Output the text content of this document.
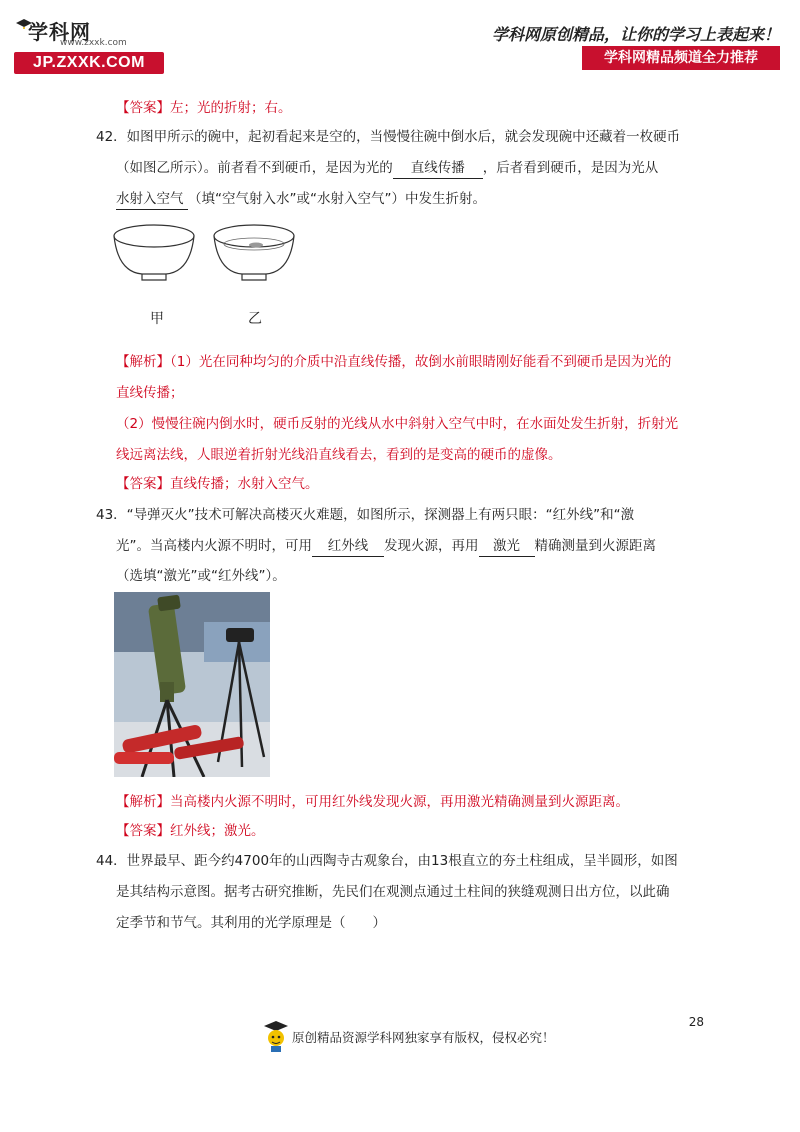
学科网
www.zxxk.com
JP.ZXXK.COM
学科网原创精品，让你的学习上表起来！
学科网精品频道全力推荐
【答案】左；光的折射；右。
42．如图甲所示的碗中，起初看起来是空的，当慢慢往碗中倒水后，就会发现碗中还藏着一枚硬币
（如图乙所示）。前者看不到硬币，是因为光的 直线传播 ，后者看到硬币，是因为光从
水射入空气 （填“空气射入水”或“水射入空气”）中发生折射。
甲	乙
【解析】（1）光在同种均匀的介质中沿直线传播，故倒水前眼睛刚好能看不到硬币是因为光的
直线传播；
（2）慢慢往碗内倒水时，硬币反射的光线从水中斜射入空气中时，在水面处发生折射，折射光
线远离法线，人眼逆着折射光线沿直线看去，看到的是变高的硬币的虚像。
【答案】直线传播；水射入空气。
43．“导弹灭火”技术可解决高楼灭火难题，如图所示，探测器上有两只眼：“红外线”和“激
光”。当高楼内火源不明时，可用 红外线 发现火源，再用 激光 精确测量到火源距离
（选填“激光”或“红外线”）。
【解析】当高楼内火源不明时，可用红外线发现火源，再用激光精确测量到火源距离。
【答案】红外线；激光。
44．世界最早、距今约4700年的山西陶寺古观象台，由13根直立的夯土柱组成，呈半圆形，如图
是其结构示意图。据考古研究推断，先民们在观测点通过土柱间的狭缝观测日出方位，以此确
定季节和节气。其利用的光学原理是（　　）
28
原创精品资源学科网独家享有版权，侵权必究！
